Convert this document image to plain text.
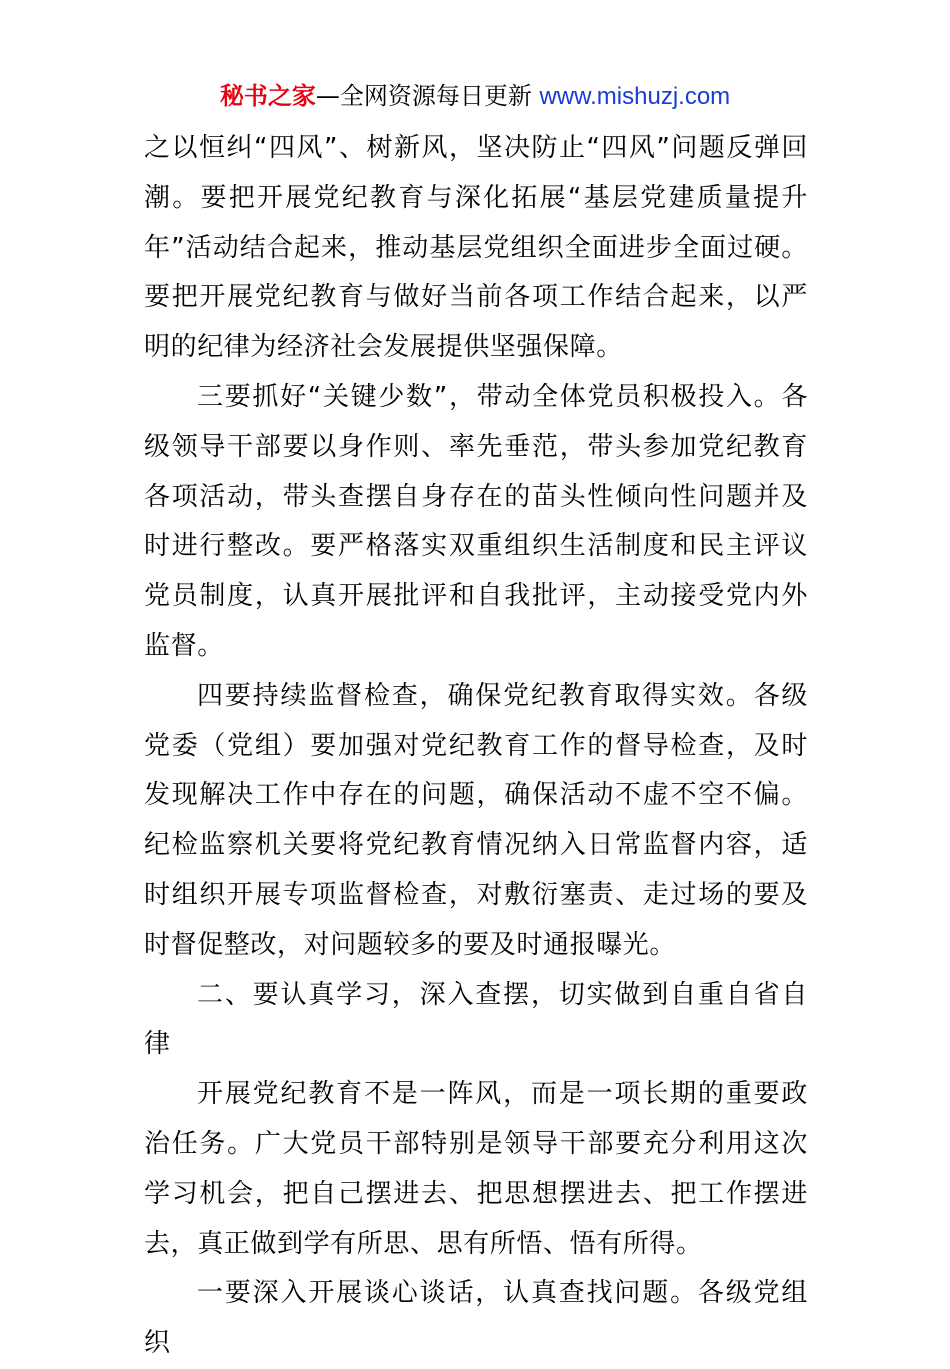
秘书之家—全网资源每日更新 www.mishuzj.com

之以恒纠“四风”、树新风，坚决防止“四风”问题反弹回潮。要把开展党纪教育与深化拓展“基层党建质量提升年”活动结合起来，推动基层党组织全面进步全面过硬。要把开展党纪教育与做好当前各项工作结合起来，以严明的纪律为经济社会发展提供坚强保障。

三要抓好“关键少数”，带动全体党员积极投入。各级领导干部要以身作则、率先垂范，带头参加党纪教育各项活动，带头查摆自身存在的苗头性倾向性问题并及时进行整改。要严格落实双重组织生活制度和民主评议党员制度，认真开展批评和自我批评，主动接受党内外监督。

四要持续监督检查，确保党纪教育取得实效。各级党委（党组）要加强对党纪教育工作的督导检查，及时发现解决工作中存在的问题，确保活动不虚不空不偏。纪检监察机关要将党纪教育情况纳入日常监督内容，适时组织开展专项监督检查，对敷衍塞责、走过场的要及时督促整改，对问题较多的要及时通报曝光。

二、要认真学习，深入查摆，切实做到自重自省自律

开展党纪教育不是一阵风，而是一项长期的重要政治任务。广大党员干部特别是领导干部要充分利用这次学习机会，把自己摆进去、把思想摆进去、把工作摆进去，真正做到学有所思、思有所悟、悟有所得。

一要深入开展谈心谈话，认真查找问题。各级党组织
